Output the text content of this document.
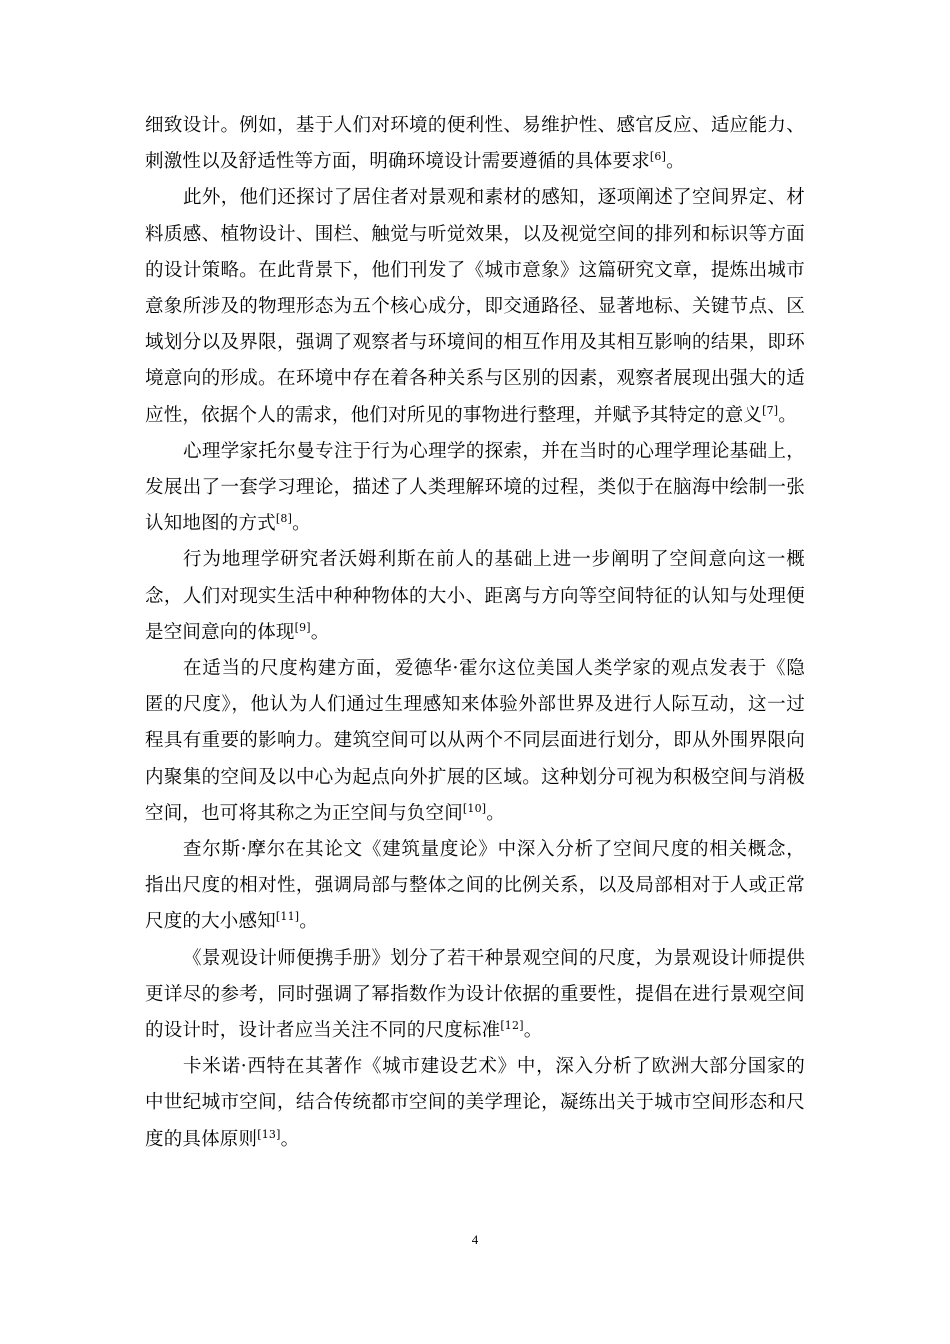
细致设计。例如，基于人们对环境的便利性、易维护性、感官反应、适应能力、刺激性以及舒适性等方面，明确环境设计需要遵循的具体要求[6]。

此外，他们还探讨了居住者对景观和素材的感知，逐项阐述了空间界定、材料质感、植物设计、围栏、触觉与听觉效果，以及视觉空间的排列和标识等方面的设计策略。在此背景下，他们刊发了《城市意象》这篇研究文章，提炼出城市意象所涉及的物理形态为五个核心成分，即交通路径、显著地标、关键节点、区域划分以及界限，强调了观察者与环境间的相互作用及其相互影响的结果，即环境意向的形成。在环境中存在着各种关系与区别的因素，观察者展现出强大的适应性，依据个人的需求，他们对所见的事物进行整理，并赋予其特定的意义[7]。

心理学家托尔曼专注于行为心理学的探索，并在当时的心理学理论基础上，发展出了一套学习理论，描述了人类理解环境的过程，类似于在脑海中绘制一张认知地图的方式[8]。

行为地理学研究者沃姆利斯在前人的基础上进一步阐明了空间意向这一概念，人们对现实生活中种种物体的大小、距离与方向等空间特征的认知与处理便是空间意向的体现[9]。

在适当的尺度构建方面，爱德华·霍尔这位美国人类学家的观点发表于《隐匿的尺度》，他认为人们通过生理感知来体验外部世界及进行人际互动，这一过程具有重要的影响力。建筑空间可以从两个不同层面进行划分，即从外围界限向内聚集的空间及以中心为起点向外扩展的区域。这种划分可视为积极空间与消极空间，也可将其称之为正空间与负空间[10]。

查尔斯·摩尔在其论文《建筑量度论》中深入分析了空间尺度的相关概念，指出尺度的相对性，强调局部与整体之间的比例关系，以及局部相对于人或正常尺度的大小感知[11]。

《景观设计师便携手册》划分了若干种景观空间的尺度，为景观设计师提供更详尽的参考，同时强调了幂指数作为设计依据的重要性，提倡在进行景观空间的设计时，设计者应当关注不同的尺度标准[12]。

卡米诺·西特在其著作《城市建设艺术》中，深入分析了欧洲大部分国家的中世纪城市空间，结合传统都市空间的美学理论，凝练出关于城市空间形态和尺度的具体原则[13]。

4
